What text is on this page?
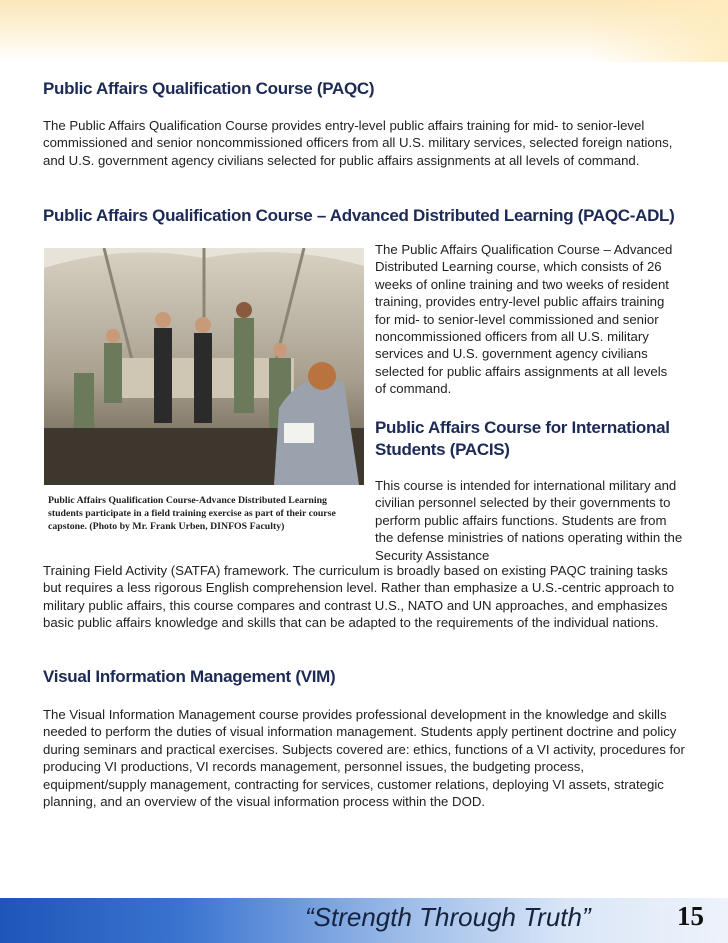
Public Affairs Qualification Course (PAQC)

The Public Affairs Qualification Course provides entry-level public affairs training for mid- to senior-level commissioned and senior noncommissioned officers from all U.S. military services, selected foreign nations, and U.S. government agency civilians selected for public affairs assignments at all levels of command.

Public Affairs Qualification Course – Advanced Distributed Learning (PAQC-ADL)

Public Affairs Qualification Course-Advance Distributed Learning students participate in a field training exercise as part of their course capstone. (Photo by Mr. Frank Urben, DINFOS Faculty)

The Public Affairs Qualification Course – Advanced Distributed Learning course, which consists of 26 weeks of online training and two weeks of resident training, provides entry-level public affairs training for mid- to senior-level commissioned and senior noncommissioned officers from all U.S. military services and U.S. government agency civilians selected for public affairs assignments at all levels of command.

Public Affairs Course for International Students (PACIS)

This course is intended for international military and civilian personnel selected by their governments to perform public affairs functions. Students are from the defense ministries of nations operating within the Security Assistance

Training Field Activity (SATFA) framework. The curriculum is broadly based on existing PAQC training tasks but requires a less rigorous English comprehension level. Rather than emphasize a U.S.-centric approach to military public affairs, this course compares and contrast U.S., NATO and UN approaches, and emphasizes basic public affairs knowledge and skills that can be adapted to the requirements of the individual nations.

Visual Information Management (VIM)

The Visual Information Management course provides professional development in the knowledge and skills needed to perform the duties of visual information management. Students apply pertinent doctrine and policy during seminars and practical exercises. Subjects covered are: ethics, functions of a VI activity, procedures for producing VI productions, VI records management, personnel issues, the budgeting process, equipment/supply management, contracting for services, customer relations, deploying VI assets, strategic planning, and an overview of the visual information process within the DOD.

“Strength Through Truth”	15
